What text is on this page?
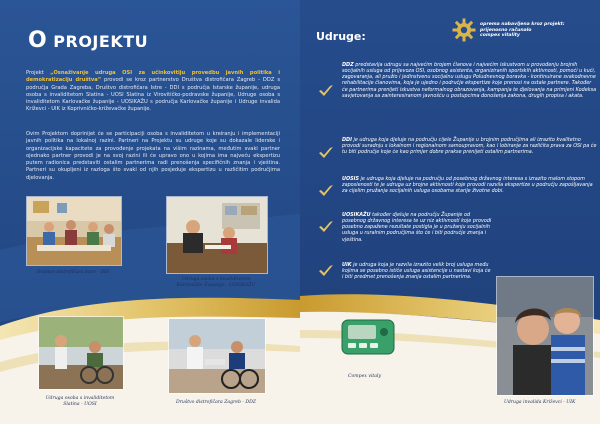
O PROJEKTU
Projekt „Osnaživanje udruga OSI za učinkovitiju provedbu javnih politika i demokratizaciju društva“ provodi se kroz partnerstvo Društva distrofičara Zagreb - DDZ s područja Grada Zagreba, Društvo distrofičara Istre - DDI s područja Istarske županije, udruga osoba s invaliditetom Slatina - UOSI Slatina iz Virovitičko-podravske županije, Udruge osoba s invaliditetom Karlovačke županije - UOSIKAŽU s područja Karlovačke županije i Udruge invalida Križevci - UIK iz Koprivničko-križevačke županije.
Ovim Projektom doprinijet će se participaciji osoba s invaliditetom u kreiranju i implementaciji javnih politika na lokalnoj razini. Partneri na Projektu su udruge koje su dokazale liderske i organizacijske kapacitete za provođenje projekata na višim razinama, međutim svaki partner ojednako partner provodi je na svoj razini ili će upravo ono u kojima ima najveću ekspertizu putem radionica predstaviti ostalim partnerima radi prenošenja specifičnih znanja i vještina. Partneri su okupljeni iz razloga što svaki od njih posjeduje ekspertizu u različitim područjima djelovanja.
Društvo distrofičara Istre - DDI
Udruga osoba s invaliditetom
Karlovačke Županije - UOSIKAŽU
Udruga osoba s invaliditetom
Slatina - UOSI	Društvo distrofičara Zagreb - DDZ
Udruge:
oprema nabavljena kroz projekt:
prijenosno računalo
compex vitality
DDZ predstavlja udrugu sa najvećim brojem članova i najvećim iskustvom u provođenju brojnih socijalnih usluga od prijevoza OSI, osobnog asistenta, organiziranih sportskih aktivnosti, pomoći u kući, zagovaranja, ali pružio i jedinstvenu socijalnu uslugu Poludnevnog boravka - kontinuirane svakodnevne rehabilitacije članovima, koja je ujedno i područje ekspertize koje prenosi na ostale partnere. Također će partnerima prenijeti iskustva neformalnog obrazovanja, kampanja te djelovanja na primjeni Kodeksa savjetovanja sa zainteresiranom javnošću u postupcima donošenja zakona, drugih propisa i akata.
DDI je udruga koja djeluje na području cijele Županije u brojnim područjima ali izrazito kvalitetno provodi suradnju s lokalnom i regionalnom samoupravom, kao i lobiranje za različita prava za OSI pa će tu biti područje koje će kao primjer dobre prakse prenijeti ostalim partnerima.
UOSIS je udruga koja djeluje na području od posebnog državnog interesa s izrazito malom stopom zaposlenosti te je udruga uz brojne aktivnosti koje provodi razvila ekspertize u području zapošljavanja za cijelim pružanja socijalnih usluga osobama starije životne dobi.
UOSIKAŽU također djeluje na području Županije od posebnog državnog interesa te uz niz aktivnosti koje provodi posebno zapažene rezultate postigla je u pružanju socijalnih usluga u ruralnim područjima što će i biti područje znanja i vještina.
UIK je udruga koja je razvila izrazito velik broj usluga među kojima se posebno ističe usluga asistencije u nastavi koja će i biti predmet prenošenja znanja ostalim partnerima.
Compex vitaly
Udruga invalida Križevci - UIK
